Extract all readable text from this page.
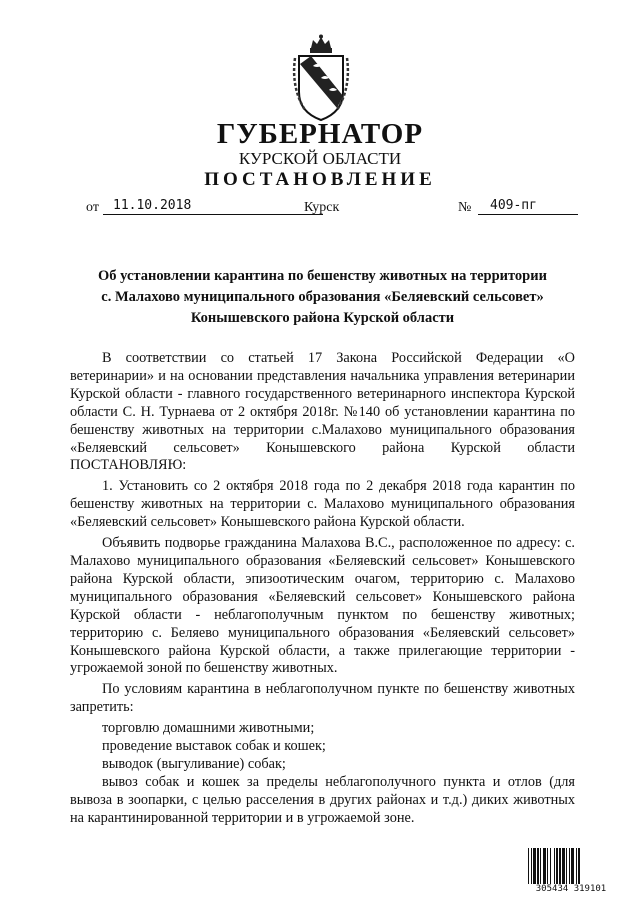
ГУБЕРНАТОР
КУРСКОЙ ОБЛАСТИ
ПОСТАНОВЛЕНИЕ
от	11.10.2018	Курск	№	409-пг
Об установлении карантина по бешенству животных на территории
с. Малахово муниципального образования «Беляевский сельсовет»
Конышевского района Курской области

В соответствии со статьей 17 Закона Российской Федерации «О ветеринарии» и на основании представления начальника управления ветеринарии Курской области - главного государственного ветеринарного инспектора Курской области С. Н. Турнаева от 2 октября 2018г. №140 об установлении карантина по бешенству животных на территории с.Малахово муниципального образования «Беляевский сельсовет» Конышевского района Курской области ПОСТАНОВЛЯЮ:

1. Установить со 2 октября 2018 года по 2 декабря 2018 года карантин по бешенству животных на территории с. Малахово муниципального образования «Беляевский сельсовет» Конышевского района Курской области.

Объявить подворье гражданина Малахова В.С., расположенное по адресу: с. Малахово муниципального образования «Беляевский сельсовет» Конышевского района Курской области, эпизоотическим очагом, территорию с. Малахово муниципального образования «Беляевский сельсовет» Конышевского района Курской области - неблагополучным пунктом по бешенству животных; территорию с. Беляево муниципального образования «Беляевский сельсовет» Конышевского района Курской области, а также прилегающие территории - угрожаемой зоной по бешенству животных.

По условиям карантина в неблагополучном пункте по бешенству животных запретить:

торговлю домашними животными;

проведение выставок собак и кошек;

выводок (выгуливание) собак;

вывоз собак и кошек за пределы неблагополучного пункта и отлов (для вывоза в зоопарки, с целью расселения в других районах и т.д.) диких животных на карантинированной территории и в угрожаемой зоне.

305434 319101
